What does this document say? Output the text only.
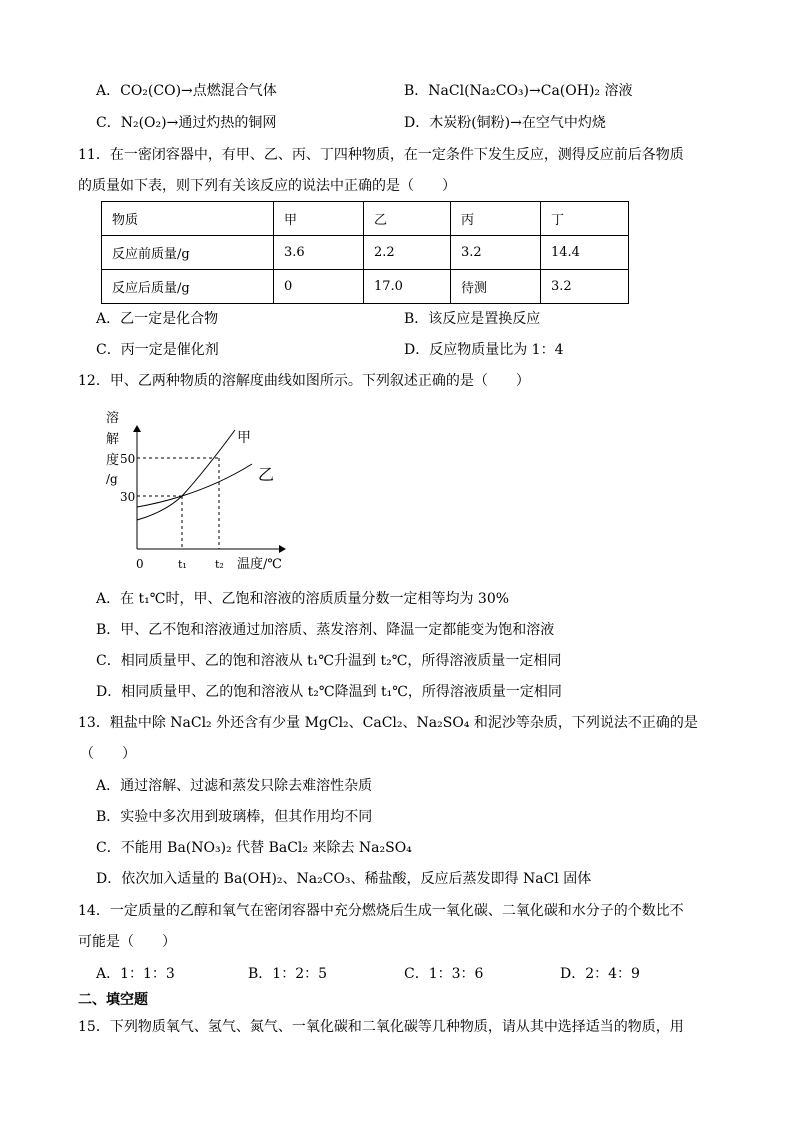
A．CO₂(CO)→点燃混合气体	B．NaCl(Na₂CO₃)→Ca(OH)₂ 溶液
C．N₂(O₂)→通过灼热的铜网	D．木炭粉(铜粉)→在空气中灼烧
11．在一密闭容器中，有甲、乙、丙、丁四种物质，在一定条件下发生反应，测得反应前后各物质
的质量如下表，则下列有关该反应的说法中正确的是（　　）
物质	甲	乙	丙	丁
反应前质量/g	3.6	2.2	3.2	14.4
反应后质量/g	0	17.0	待测	3.2
A．乙一定是化合物	B．该反应是置换反应
C．丙一定是催化剂	D．反应物质量比为 1：4
12．甲、乙两种物质的溶解度曲线如图所示。下列叙述正确的是（　　）
甲
乙
溶
解
度
/g
50
30
0	t₁	t₂ 温度/℃
A．在 t₁℃时，甲、乙饱和溶液的溶质质量分数一定相等均为 30%
B．甲、乙不饱和溶液通过加溶质、蒸发溶剂、降温一定都能变为饱和溶液
C．相同质量甲、乙的饱和溶液从 t₁℃升温到 t₂℃，所得溶液质量一定相同
D．相同质量甲、乙的饱和溶液从 t₂℃降温到 t₁℃，所得溶液质量一定相同
13．粗盐中除 NaCl₂ 外还含有少量 MgCl₂、CaCl₂、Na₂SO₄ 和泥沙等杂质，下列说法不正确的是
（　　）
A．通过溶解、过滤和蒸发只除去难溶性杂质
B．实验中多次用到玻璃棒，但其作用均不同
C．不能用 Ba(NO₃)₂ 代替 BaCl₂ 来除去 Na₂SO₄
D．依次加入适量的 Ba(OH)₂、Na₂CO₃、稀盐酸，反应后蒸发即得 NaCl 固体
14．一定质量的乙醇和氧气在密闭容器中充分燃烧后生成一氧化碳、二氧化碳和水分子的个数比不
可能是（　　）
A．1：1：3	B．1：2：5	C．1：3：6	D．2：4：9
二、填空题
15．下列物质氧气、氢气、氮气、一氧化碳和二氧化碳等几种物质，请从其中选择适当的物质，用
